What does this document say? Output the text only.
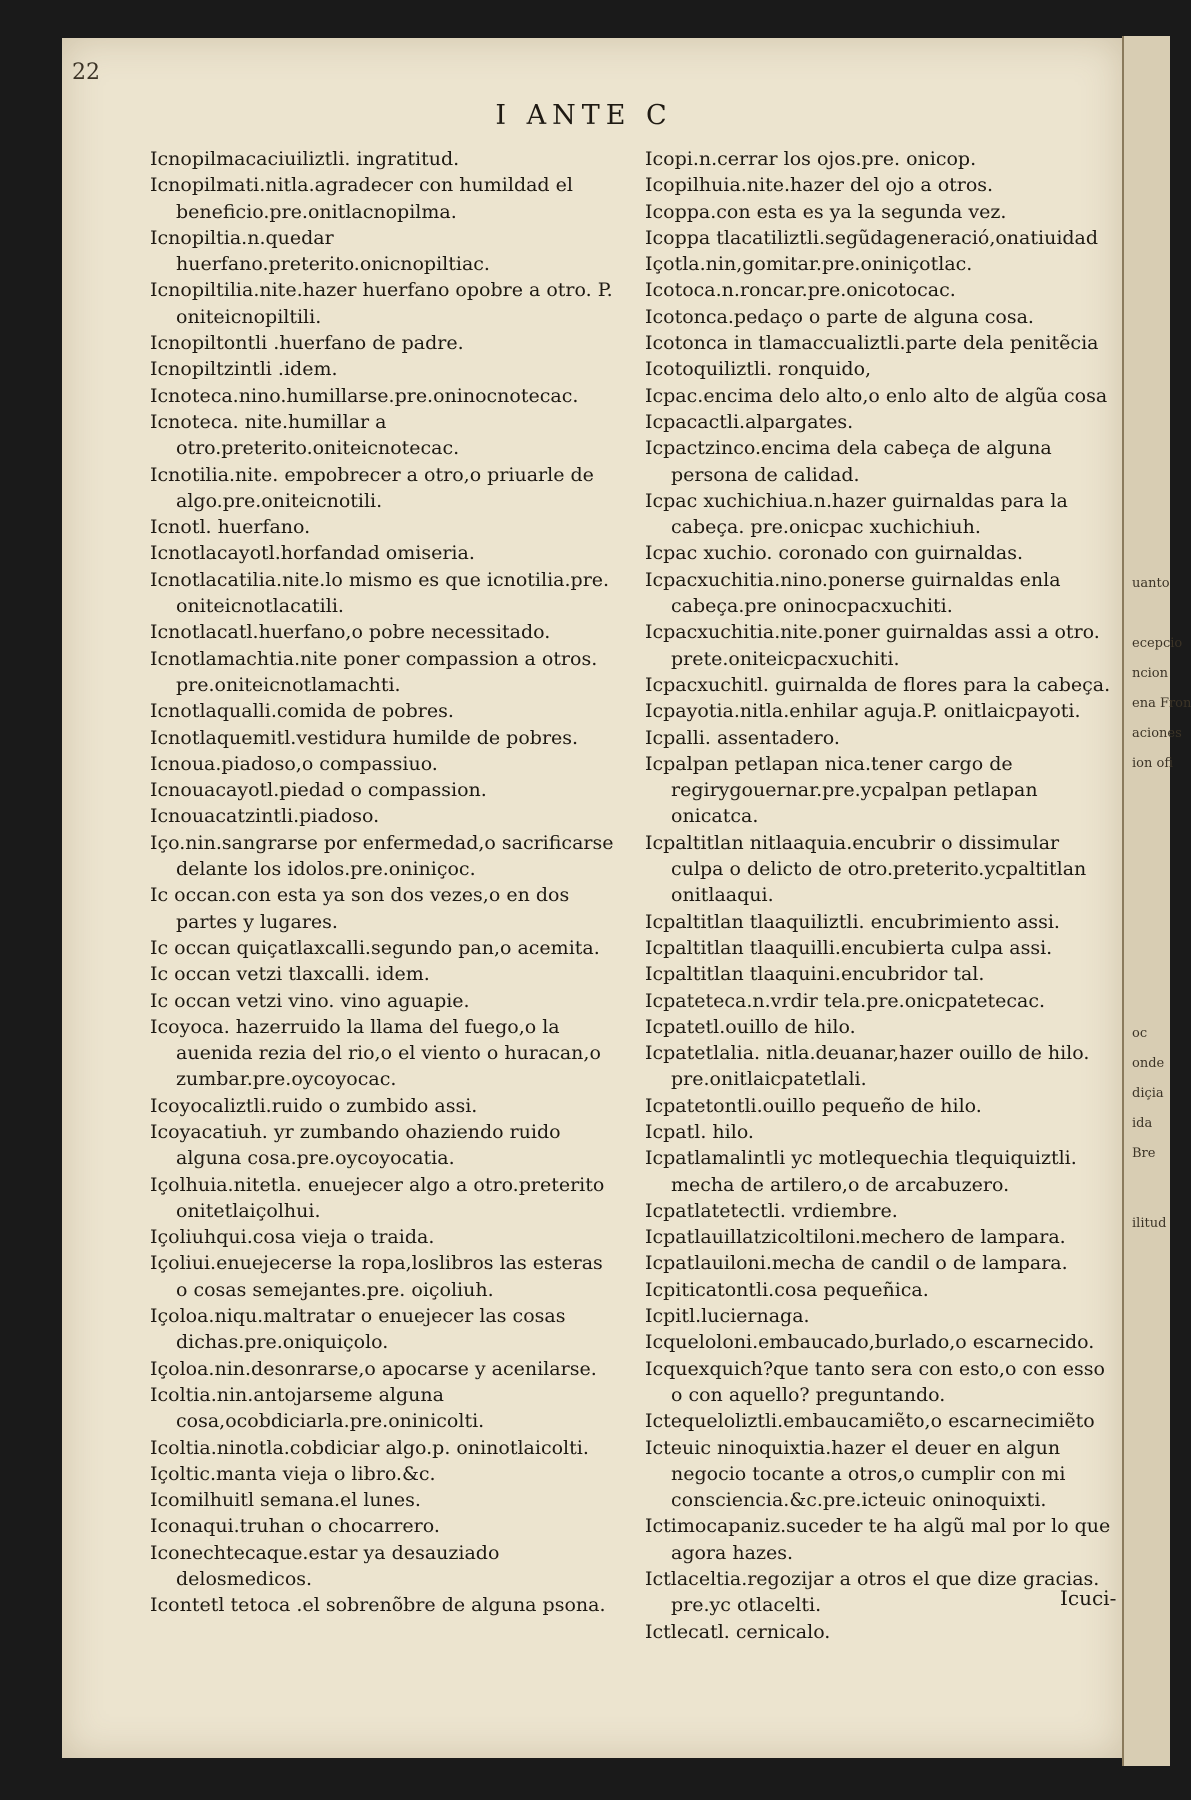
uanto
ecepcio
ncion
ena Fron
aciones
ion ofi
oc
onde
diçia
ida
Bre
ilitud
22
I ANTE C

Icnopilmacaciuiliztli. ingratitud.

Icnopilmati.nitla.agradecer con humildad el beneficio.pre.onitlacnopilma.

Icnopiltia.n.quedar huerfano.preterito.onicnopiltiac.

Icnopiltilia.nite.hazer huerfano opobre a otro. P. oniteicnopiltili.

Icnopiltontli .huerfano de padre.

Icnopiltzintli .idem.

Icnoteca.nino.humillarse.pre.oninocnotecac.

Icnoteca. nite.humillar a otro.preterito.oniteicnotecac.

Icnotilia.nite. empobrecer a otro,o priuarle de algo.pre.oniteicnotili.

Icnotl. huerfano.

Icnotlacayotl.horfandad omiseria.

Icnotlacatilia.nite.lo mismo es que icnotilia.pre. oniteicnotlacatili.

Icnotlacatl.huerfano,o pobre necessitado.

Icnotlamachtia.nite poner compassion a otros. pre.oniteicnotlamachti.

Icnotlaqualli.comida de pobres.

Icnotlaquemitl.vestidura humilde de pobres.

Icnoua.piadoso,o compassiuo.

Icnouacayotl.piedad o compassion.

Icnouacatzintli.piadoso.

Iço.nin.sangrarse por enfermedad,o sacrificarse delante los idolos.pre.oniniçoc.

Ic occan.con esta ya son dos vezes,o en dos partes y lugares.

Ic occan quiçatlaxcalli.segundo pan,o acemita.

Ic occan vetzi tlaxcalli. idem.

Ic occan vetzi vino. vino aguapie.

Icoyoca. hazerruido la llama del fuego,o la auenida rezia del rio,o el viento o huracan,o zumbar.pre.oycoyocac.

Icoyocaliztli.ruido o zumbido assi.

Icoyacatiuh. yr zumbando ohaziendo ruido alguna cosa.pre.oycoyocatia.

Içolhuia.nitetla. enuejecer algo a otro.preterito onitetlaiçolhui.

Içoliuhqui.cosa vieja o traida.

Içoliui.enuejecerse la ropa,loslibros las esteras o cosas semejantes.pre. oiçoliuh.

Içoloa.niqu.maltratar o enuejecer las cosas dichas.pre.oniquiçolo.

Içoloa.nin.desonrarse,o apocarse y acenilarse.

Icoltia.nin.antojarseme alguna cosa,ocobdiciarla.pre.oninicolti.

Icoltia.ninotla.cobdiciar algo.p. oninotlaicolti.

Içoltic.manta vieja o libro.&c.

Icomilhuitl semana.el lunes.

Iconaqui.truhan o chocarrero.

Iconechtecaque.estar ya desauziado delosmedicos.

Icontetl tetoca .el sobrenõbre de alguna psona.

Icopi.n.cerrar los ojos.pre. onicop.

Icopilhuia.nite.hazer del ojo a otros.

Icoppa.con esta es ya la segunda vez.

Icoppa tlacatiliztli.segũdageneració,onatiuidad

Içotla.nin,gomitar.pre.oniniçotlac.

Icotoca.n.roncar.pre.onicotocac.

Icotonca.pedaço o parte de alguna cosa.

Icotonca in tlamaccualiztli.parte dela penitẽcia

Icotoquiliztli. ronquido,

Icpac.encima delo alto,o enlo alto de algũa cosa

Icpacactli.alpargates.

Icpactzinco.encima dela cabeça de alguna persona de calidad.

Icpac xuchichiua.n.hazer guirnaldas para la cabeça. pre.onicpac xuchichiuh.

Icpac xuchio. coronado con guirnaldas.

Icpacxuchitia.nino.ponerse guirnaldas enla cabeça.pre oninocpacxuchiti.

Icpacxuchitia.nite.poner guirnaldas assi a otro. prete.oniteicpacxuchiti.

Icpacxuchitl. guirnalda de flores para la cabeça.

Icpayotia.nitla.enhilar aguja.P. onitlaicpayoti.

Icpalli. assentadero.

Icpalpan petlapan nica.tener cargo de regirygouernar.pre.ycpalpan petlapan onicatca.

Icpaltitlan nitlaaquia.encubrir o dissimular culpa o delicto de otro.preterito.ycpaltitlan onitlaaqui.

Icpaltitlan tlaaquiliztli. encubrimiento assi.

Icpaltitlan tlaaquilli.encubierta culpa assi.

Icpaltitlan tlaaquini.encubridor tal.

Icpateteca.n.vrdir tela.pre.onicpatetecac.

Icpatetl.ouillo de hilo.

Icpatetlalia. nitla.deuanar,hazer ouillo de hilo. pre.onitlaicpatetlali.

Icpatetontli.ouillo pequeño de hilo.

Icpatl. hilo.

Icpatlamalintli yc motlequechia tlequiquiztli. mecha de artilero,o de arcabuzero.

Icpatlatetectli. vrdiembre.

Icpatlauillatzicoltiloni.mechero de lampara.

Icpatlauiloni.mecha de candil o de lampara.

Icpiticatontli.cosa pequeñica.

Icpitl.luciernaga.

Icqueloloni.embaucado,burlado,o escarnecido.

Icquexquich?que tanto sera con esto,o con esso o con aquello? preguntando.

Ictequeloliztli.embaucamiẽto,o escarnecimiẽto

Icteuic ninoquixtia.hazer el deuer en algun negocio tocante a otros,o cumplir con mi consciencia.&c.pre.icteuic oninoquixti.

Ictimocapaniz.suceder te ha algũ mal por lo que agora hazes.

Ictlaceltia.regozijar a otros el que dize gracias. pre.yc otlacelti.

Ictlecatl. cernicalo.

Icuci-
